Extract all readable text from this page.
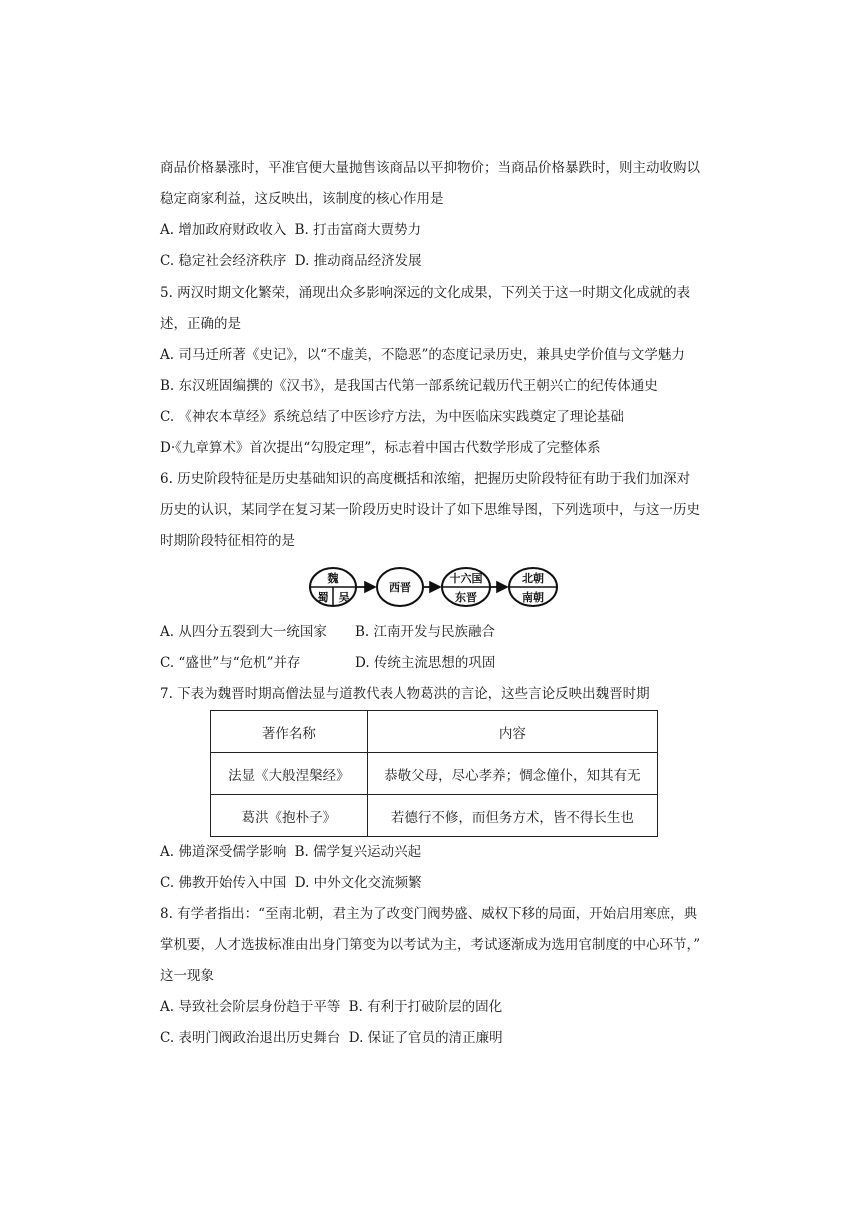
商品价格暴涨时，平准官便大量抛售该商品以平抑物价；当商品价格暴跌时，则主动收购以
稳定商家利益，这反映出，该制度的核心作用是
A. 增加政府财政收入 B. 打击富商大贾势力
C. 稳定社会经济秩序 D. 推动商品经济发展
5. 两汉时期文化繁荣，涌现出众多影响深远的文化成果，下列关于这一时期文化成就的表
述，正确的是
A. 司马迁所著《史记》，以“不虚美，不隐恶”的态度记录历史，兼具史学价值与文学魅力
B. 东汉班固编撰的《汉书》，是我国古代第一部系统记载历代王朝兴亡的纪传体通史
C. 《神农本草经》系统总结了中医诊疗方法，为中医临床实践奠定了理论基础
D·《九章算术》首次提出“勾股定理”，标志着中国古代数学形成了完整体系
6. 历史阶段特征是历史基础知识的高度概括和浓缩，把握历史阶段特征有助于我们加深对
历史的认识，某同学在复习某一阶段历史时设计了如下思维导图，下列选项中，与这一历史
时期阶段特征相符的是
魏
蜀 吴
西晋
十六国
东晋
北朝
南朝
A. 从四分五裂到大一统国家 B. 江南开发与民族融合
C. “盛世”与“危机”并存	D. 传统主流思想的巩固
7. 下表为魏晋时期高僧法显与道教代表人物葛洪的言论，这些言论反映出魏晋时期
著作名称	内容
法显《大般涅槃经》	恭敬父母，尽心孝养；惆念僮仆，知其有无
葛洪《抱朴子》	若德行不修，而但务方术，皆不得长生也
A. 佛道深受儒学影响 B. 儒学复兴运动兴起
C. 佛教开始传入中国 D. 中外文化交流频繁
8. 有学者指出：“至南北朝，君主为了改变门阀势盛、威权下移的局面，开始启用寒庶，典
掌机要，人才选拔标准由出身门第变为以考试为主，考试逐渐成为选用官制度的中心环节，”
这一现象
A. 导致社会阶层身份趋于平等 B. 有利于打破阶层的固化
C. 表明门阀政治退出历史舞台 D. 保证了官员的清正廉明
